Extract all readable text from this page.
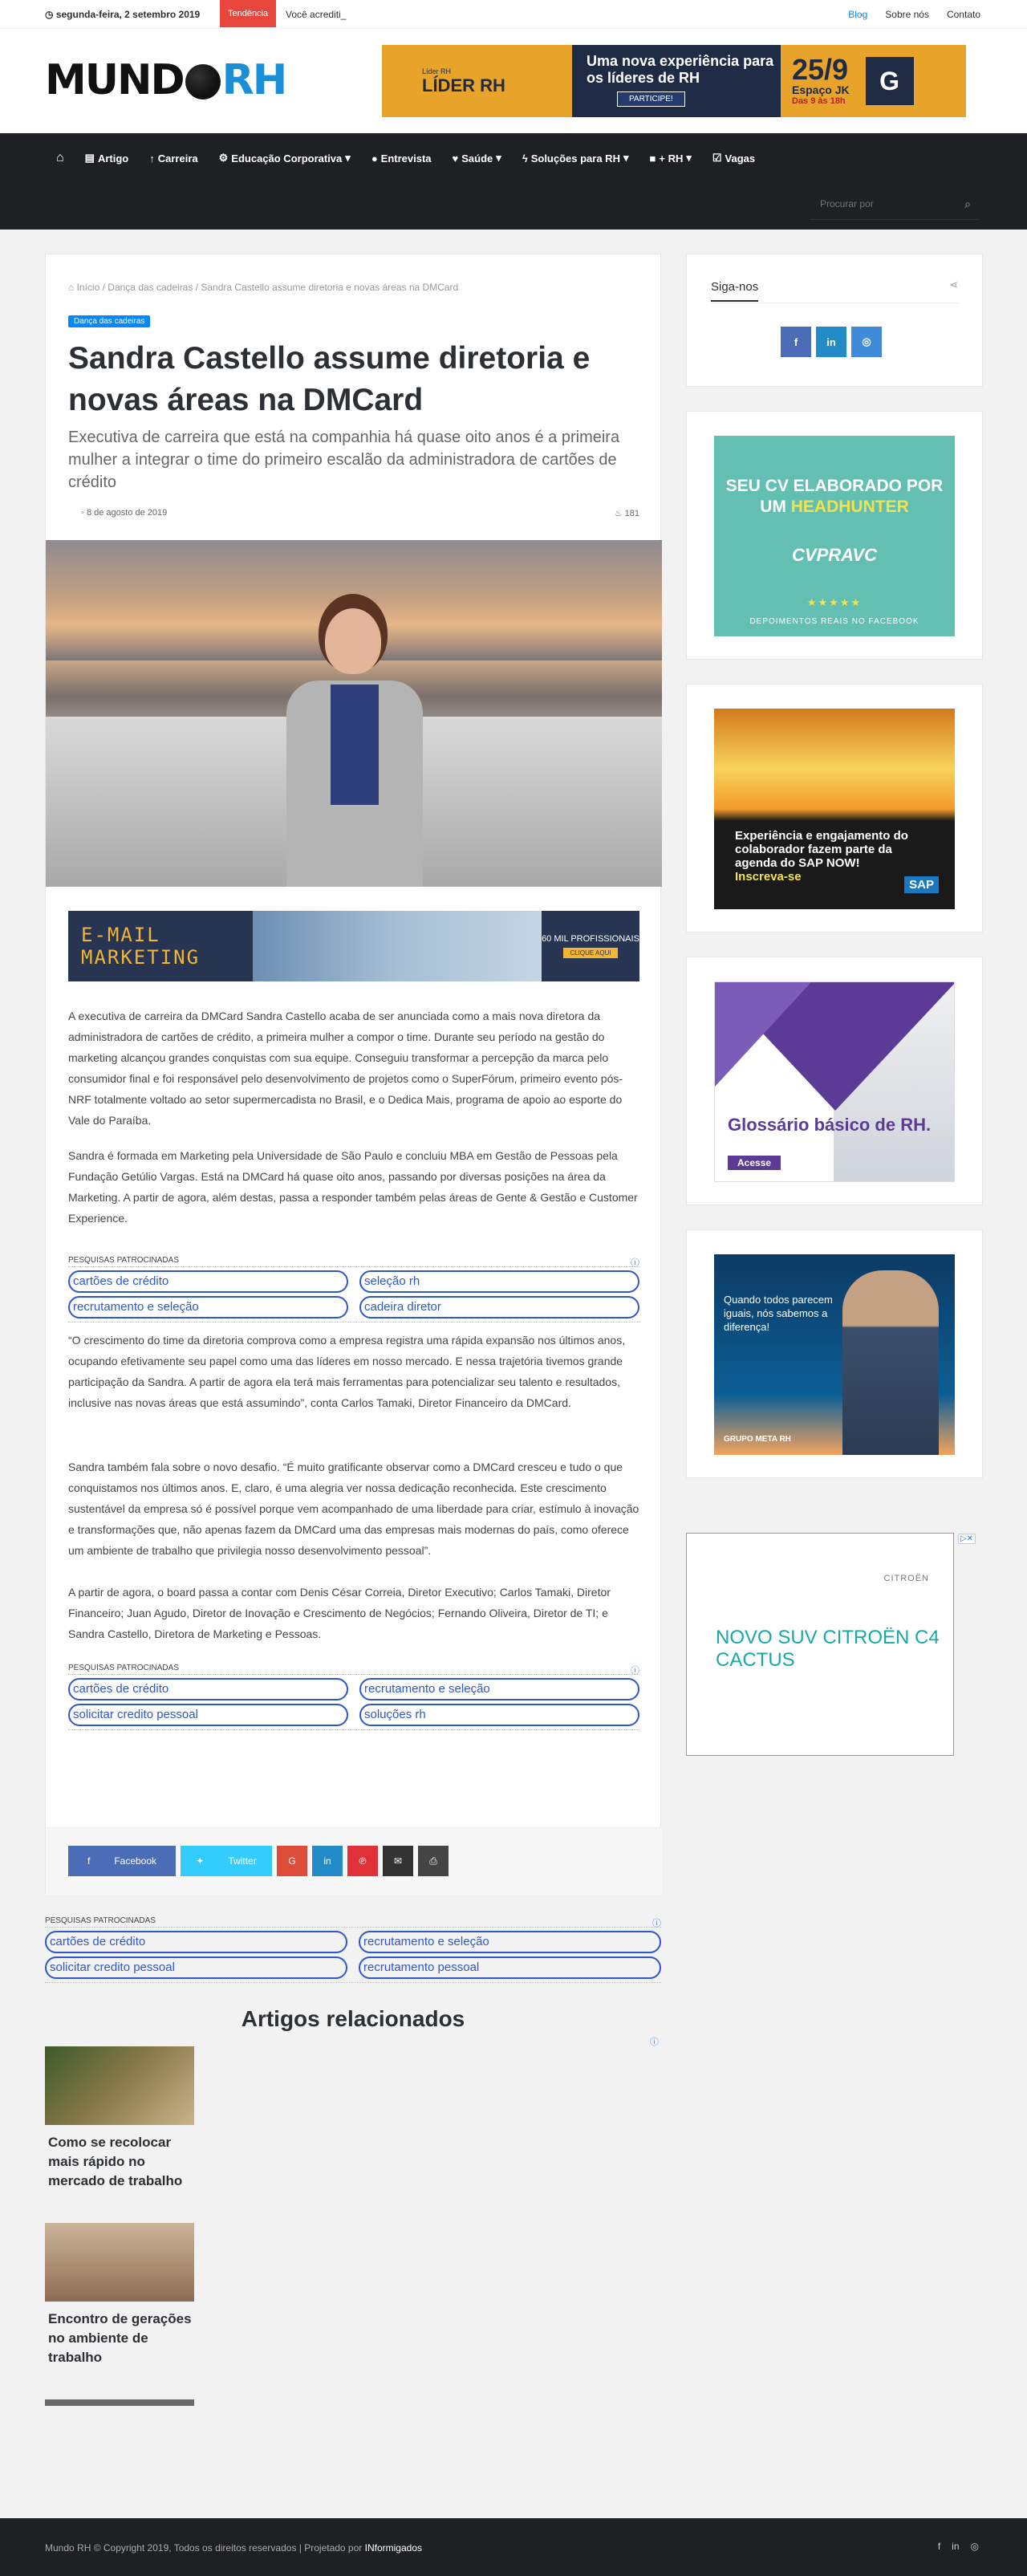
◷ segunda-feira, 2 setembro 2019	Tendência	Você acrediti_	Blog Sobre nós Contato
MUND RH	Líder RH
LÍDER RH
Uma nova experiência para os líderes de RH
PARTICIPE!
25/9
Espaço JK
Das 9 às 18h
G
⌂ ▤ Artigo ↑ Carreira ⚙ Educação Corporativa ▾ ● Entrevista ♥ Saúde ▾ ϟ Soluções para RH ▾ ■ + RH ▾ ☑ Vagas
Procurar por
⌕
⌂ Início / Dança das cadeiras / Sandra Castello assume diretoria e novas áreas na DMCard
Dança das cadeiras
Sandra Castello assume diretoria e novas áreas na DMCard
Executiva de carreira que está na companhia há quase oito anos é a primeira mulher a integrar o time do primeiro escalão da administradora de cartões de crédito
◦ 8 de agosto de 2019	♨ 181
E-MAIL MARKETING
60 MIL PROFISSIONAIS
CLIQUE AQUI

A executiva de carreira da DMCard Sandra Castello acaba de ser anunciada como a mais nova diretora da administradora de cartões de crédito, a primeira mulher a compor o time. Durante seu período na gestão do marketing alcançou grandes conquistas com sua equipe. Conseguiu transformar a percepção da marca pelo consumidor final e foi responsável pelo desenvolvimento de projetos como o SuperFórum, primeiro evento pós-NRF totalmente voltado ao setor supermercadista no Brasil, e o Dedica Mais, programa de apoio ao esporte do Vale do Paraíba.

Sandra é formada em Marketing pela Universidade de São Paulo e concluiu MBA em Gestão de Pessoas pela Fundação Getúlio Vargas. Está na DMCard há quase oito anos, passando por diversas posições na área da Marketing. A partir de agora, além destas, passa a responder também pelas áreas de Gente & Gestão e Customer Experience.

PESQUISAS PATROCINADAS	ⓘ
cartões de crédito	seleção rh
recrutamento e seleção	cadeira diretor

“O crescimento do time da diretoria comprova como a empresa registra uma rápida expansão nos últimos anos, ocupando efetivamente seu papel como uma das líderes em nosso mercado. E nessa trajetória tivemos grande participação da Sandra. A partir de agora ela terá mais ferramentas para potencializar seu talento e resultados, inclusive nas novas áreas que está assumindo”, conta Carlos Tamaki, Diretor Financeiro da DMCard.

Sandra também fala sobre o novo desafio. “É muito gratificante observar como a DMCard cresceu e tudo o que conquistamos nos últimos anos. E, claro, é uma alegria ver nossa dedicação reconhecida. Este crescimento sustentável da empresa só é possível porque vem acompanhado de uma liberdade para criar, estímulo à inovação e transformações que, não apenas fazem da DMCard uma das empresas mais modernas do país, como oferece um ambiente de trabalho que privilegia nosso desenvolvimento pessoal”.

A partir de agora, o board passa a contar com Denis César Correia, Diretor Executivo; Carlos Tamaki, Diretor Financeiro; Juan Agudo, Diretor de Inovação e Crescimento de Negócios; Fernando Oliveira, Diretor de TI; e Sandra Castello, Diretora de Marketing e Pessoas.

PESQUISAS PATROCINADAS	ⓘ
cartões de crédito	recrutamento e seleção
solicitar credito pessoal	soluções rh
f	Facebook	✦	Twitter	G	in	℗	✉	⎙
PESQUISAS PATROCINADAS	ⓘ
cartões de crédito	recrutamento e seleção
solicitar credito pessoal	recrutamento pessoal
Artigos relacionados
ⓘ
Como se recolocar mais rápido no mercado de trabalho
Encontro de gerações no ambiente de trabalho
Siga-nos	⋖
f	in	◎
SEU CV ELABORADO POR UM HEADHUNTER
CVPRAVC
★★★★★
DEPOIMENTOS REAIS NO FACEBOOK
Experiência e engajamento do colaborador fazem parte da agenda do SAP NOW!
Inscreva-se
SAP
Glossário básico de RH.
Acesse
Quando todos parecem iguais, nós sabemos a diferença!
GRUPO META RH
▷✕
CITROËN
NOVO SUV CITROËN C4 CACTUS
Mundo RH © Copyright 2019, Todos os direitos reservados | Projetado por INformigados	f in ◎
